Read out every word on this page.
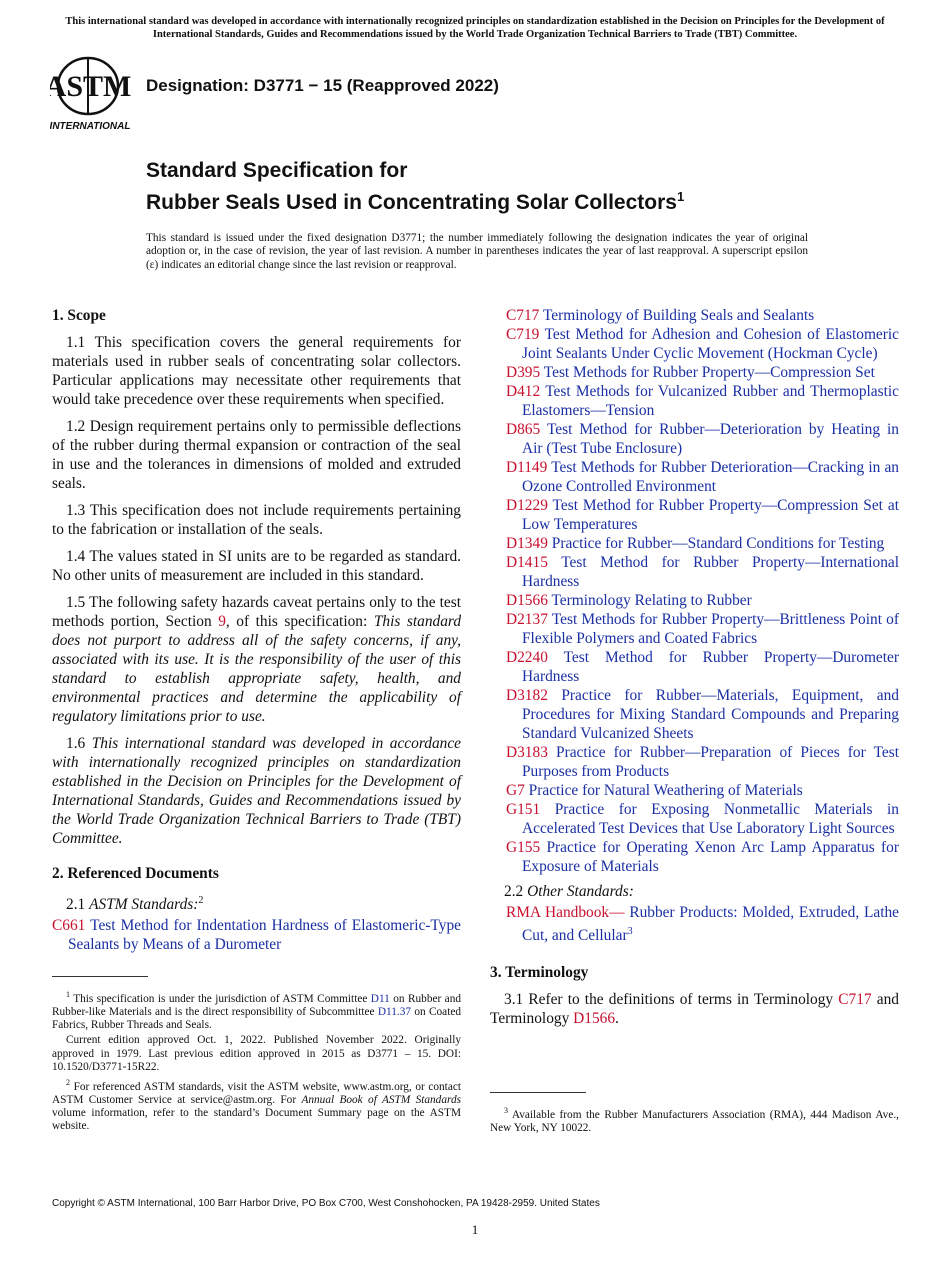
This international standard was developed in accordance with internationally recognized principles on standardization established in the Decision on Principles for the Development of International Standards, Guides and Recommendations issued by the World Trade Organization Technical Barriers to Trade (TBT) Committee.
ASTM
INTERNATIONAL
Designation: D3771 − 15 (Reapproved 2022)
Standard Specification for
Rubber Seals Used in Concentrating Solar Collectors$^1$
This standard is issued under the fixed designation D3771; the number immediately following the designation indicates the year of original adoption or, in the case of revision, the year of last revision. A number in parentheses indicates the year of last reapproval. A superscript epsilon (ε) indicates an editorial change since the last revision or reapproval.
1. Scope

1.1 This specification covers the general requirements for materials used in rubber seals of concentrating solar collectors. Particular applications may necessitate other requirements that would take precedence over these requirements when specified.

1.2 Design requirement pertains only to permissible deflections of the rubber during thermal expansion or contraction of the seal in use and the tolerances in dimensions of molded and extruded seals.

1.3 This specification does not include requirements pertaining to the fabrication or installation of the seals.

1.4 The values stated in SI units are to be regarded as standard. No other units of measurement are included in this standard.

1.5 The following safety hazards caveat pertains only to the test methods portion, Section 9, of this specification: This standard does not purport to address all of the safety concerns, if any, associated with its use. It is the responsibility of the user of this standard to establish appropriate safety, health, and environmental practices and determine the applicability of regulatory limitations prior to use.

1.6 This international standard was developed in accordance with internationally recognized principles on standardization established in the Decision on Principles for the Development of International Standards, Guides and Recommendations issued by the World Trade Organization Technical Barriers to Trade (TBT) Committee.

2. Referenced Documents

2.1 ASTM Standards:$^2$

C661 Test Method for Indentation Hardness of Elastomeric-Type Sealants by Means of a Durometer

C717 Terminology of Building Seals and Sealants

C719 Test Method for Adhesion and Cohesion of Elastomeric Joint Sealants Under Cyclic Movement (Hockman Cycle)

D395 Test Methods for Rubber Property—Compression Set

D412 Test Methods for Vulcanized Rubber and Thermoplastic Elastomers—Tension

D865 Test Method for Rubber—Deterioration by Heating in Air (Test Tube Enclosure)

D1149 Test Methods for Rubber Deterioration—Cracking in an Ozone Controlled Environment

D1229 Test Method for Rubber Property—Compression Set at Low Temperatures

D1349 Practice for Rubber—Standard Conditions for Testing

D1415 Test Method for Rubber Property—International Hardness

D1566 Terminology Relating to Rubber

D2137 Test Methods for Rubber Property—Brittleness Point of Flexible Polymers and Coated Fabrics

D2240 Test Method for Rubber Property—Durometer Hardness

D3182 Practice for Rubber—Materials, Equipment, and Procedures for Mixing Standard Compounds and Preparing Standard Vulcanized Sheets

D3183 Practice for Rubber—Preparation of Pieces for Test Purposes from Products

G7 Practice for Natural Weathering of Materials

G151 Practice for Exposing Nonmetallic Materials in Accelerated Test Devices that Use Laboratory Light Sources

G155 Practice for Operating Xenon Arc Lamp Apparatus for Exposure of Materials

2.2 Other Standards:

RMA Handbook— Rubber Products: Molded, Extruded, Lathe Cut, and Cellular$^3$

3. Terminology

3.1 Refer to the definitions of terms in Terminology C717 and Terminology D1566.

$^1$ This specification is under the jurisdiction of ASTM Committee D11 on Rubber and Rubber-like Materials and is the direct responsibility of Subcommittee D11.37 on Coated Fabrics, Rubber Threads and Seals.

Current edition approved Oct. 1, 2022. Published November 2022. Originally approved in 1979. Last previous edition approved in 2015 as D3771 – 15. DOI: 10.1520/D3771-15R22.

$^2$ For referenced ASTM standards, visit the ASTM website, www.astm.org, or contact ASTM Customer Service at service@astm.org. For Annual Book of ASTM Standards volume information, refer to the standard’s Document Summary page on the ASTM website.

$^3$ Available from the Rubber Manufacturers Association (RMA), 444 Madison Ave., New York, NY 10022.

Copyright © ASTM International, 100 Barr Harbor Drive, PO Box C700, West Conshohocken, PA 19428-2959. United States
1
